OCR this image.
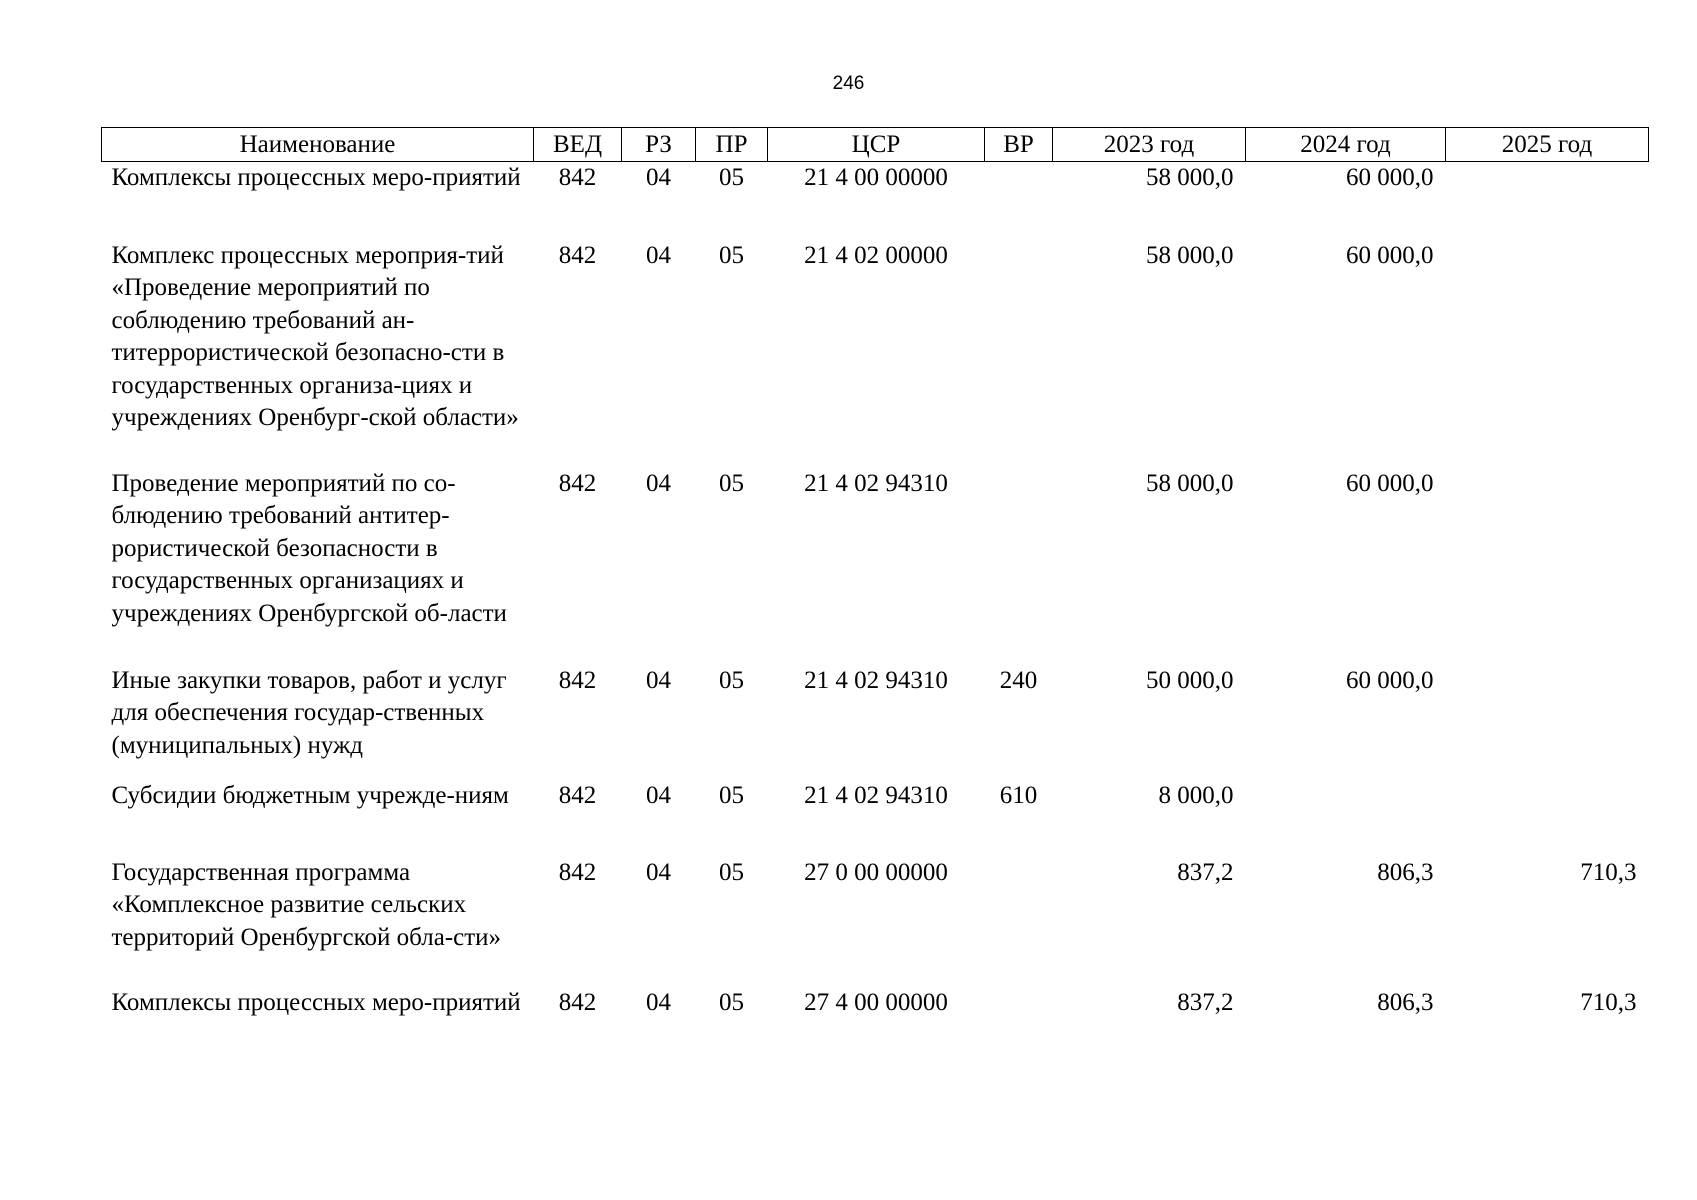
246
Наименование	ВЕД	РЗ	ПР	ЦСР	ВР	2023 год	2024 год	2025 год
Комплексы процессных меро-приятий	842	04	05	21 4 00 00000		58 000,0	60 000,0	
Комплекс процессных мероприя-тий «Проведение мероприятий по соблюдению требований ан-титеррористической безопасно-сти в государственных организа-циях и учреждениях Оренбург-ской области»	842	04	05	21 4 02 00000		58 000,0	60 000,0	
Проведение мероприятий по со-блюдению требований антитер-рористической безопасности в государственных организациях и учреждениях Оренбургской об-ласти	842	04	05	21 4 02 94310		58 000,0	60 000,0	
Иные закупки товаров, работ и услуг для обеспечения государ-ственных (муниципальных) нужд	842	04	05	21 4 02 94310	240	50 000,0	60 000,0	
Субсидии бюджетным учрежде-ниям	842	04	05	21 4 02 94310	610	8 000,0		
Государственная программа «Комплексное развитие сельских территорий Оренбургской обла-сти»	842	04	05	27 0 00 00000		837,2	806,3	710,3
Комплексы процессных меро-приятий	842	04	05	27 4 00 00000		837,2	806,3	710,3
